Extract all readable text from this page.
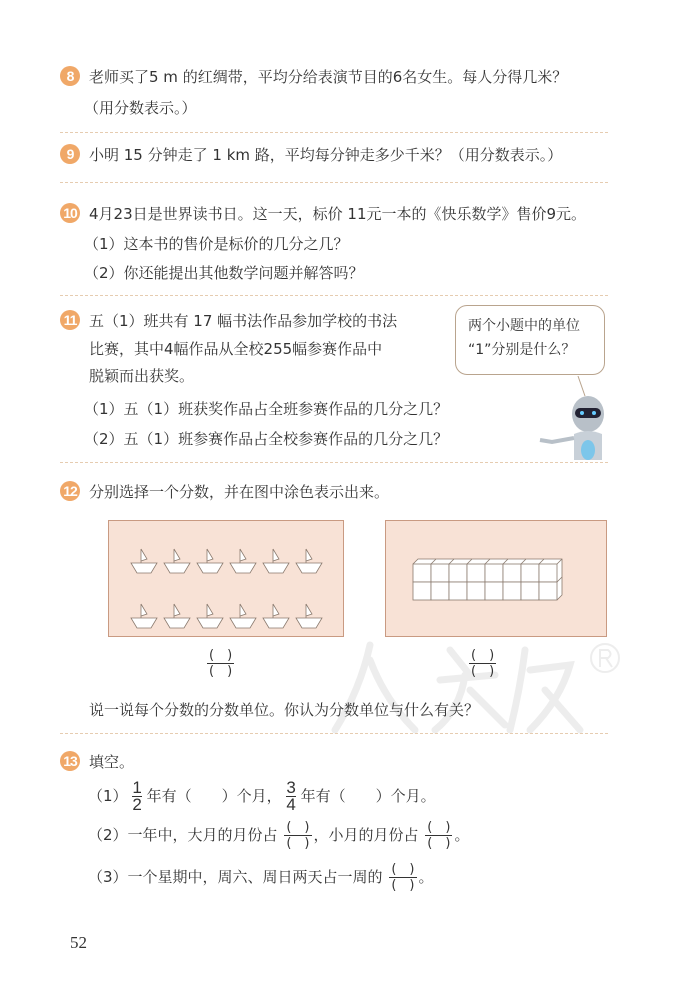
8	老师买了5 m 的红绸带，平均分给表演节目的6名女生。每人分得几米？
（用分数表示。）
9	小明 15 分钟走了 1 km 路，平均每分钟走多少千米？（用分数表示。）
10 4月23日是世界读书日。这一天，标价 11元一本的《快乐数学》售价9元。
（1）这本书的售价是标价的几分之几？
（2）你还能提出其他数学问题并解答吗？
11 五（1）班共有 17 幅书法作品参加学校的书法
比赛，其中4幅作品从全校255幅参赛作品中
脱颖而出获奖。
（1）五（1）班获奖作品占全班参赛作品的几分之几？
（2）五（1）班参赛作品占全校参赛作品的几分之几？
两个小题中的单位
“1”分别是什么？
12 分别选择一个分数，并在图中涂色表示出来。
$\frac{( )}{( )}$	$\frac{( )}{( )}$
说一说每个分数的分数单位。你认为分数单位与什么有关？
13 填空。
$(1) \frac{1}{2}$ 年有（　　）个月， $\frac{3}{4}$ 年有（　　）个月。
（2）一年中，大月的月份占 $\frac{( )}{( )}$ ，小月的月份占 $\frac{( )}{( )}$ 。
（3）一个星期中，周六、周日两天占一周的 $\frac{( )}{( )}$ 。
52
